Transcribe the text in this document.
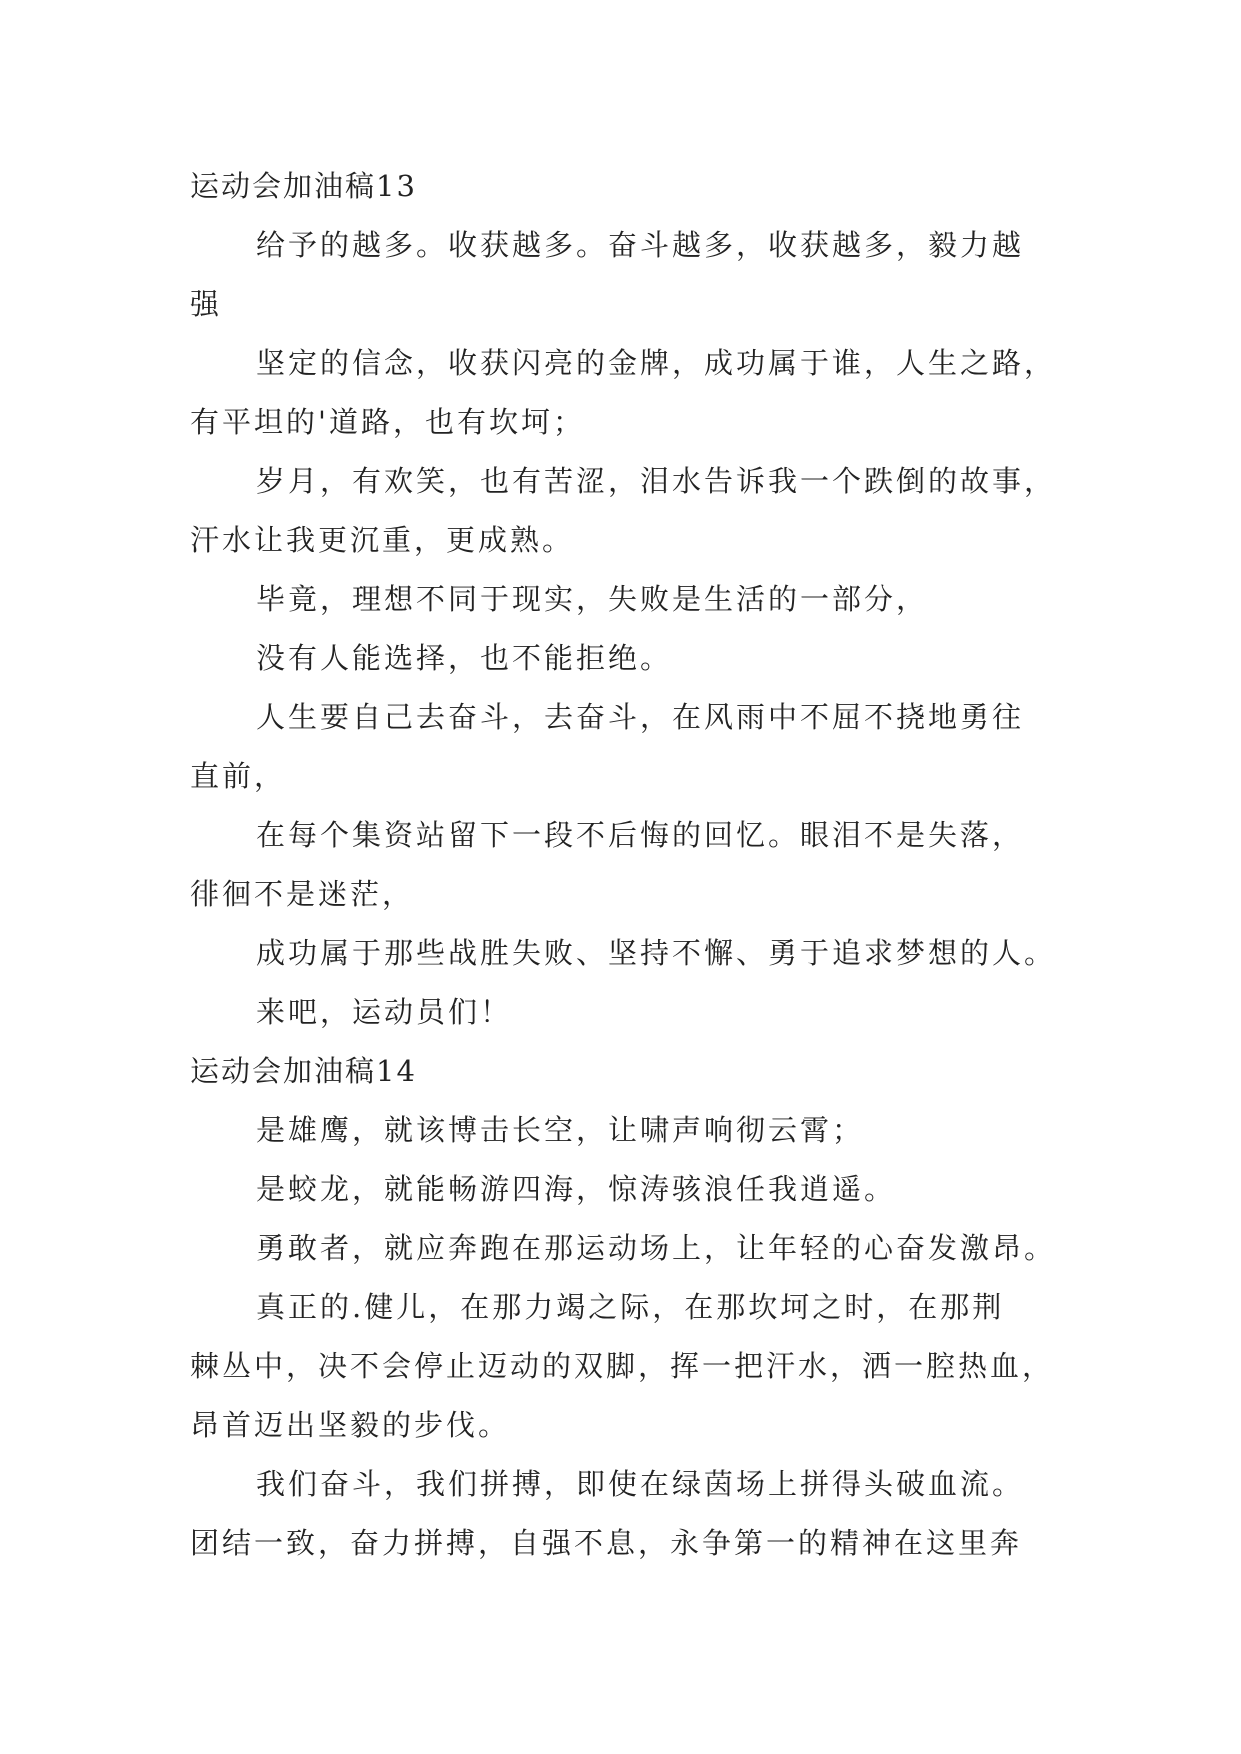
运动会加油稿13
给予的越多。收获越多。奋斗越多，收获越多，毅力越
强
坚定的信念，收获闪亮的金牌，成功属于谁，人生之路，
有平坦的'道路，也有坎坷；
岁月，有欢笑，也有苦涩，泪水告诉我一个跌倒的故事，
汗水让我更沉重，更成熟。
毕竟，理想不同于现实，失败是生活的一部分，
没有人能选择，也不能拒绝。
人生要自己去奋斗，去奋斗，在风雨中不屈不挠地勇往
直前，
在每个集资站留下一段不后悔的回忆。眼泪不是失落，
徘徊不是迷茫，
成功属于那些战胜失败、坚持不懈、勇于追求梦想的人。
来吧，运动员们！
运动会加油稿14
是雄鹰，就该博击长空，让啸声响彻云霄；
是蛟龙，就能畅游四海，惊涛骇浪任我逍遥。
勇敢者，就应奔跑在那运动场上，让年轻的心奋发激昂。
真正的.健儿，在那力竭之际，在那坎坷之时，在那荆
棘丛中，决不会停止迈动的双脚，挥一把汗水，洒一腔热血，
昂首迈出坚毅的步伐。
我们奋斗，我们拼搏，即使在绿茵场上拼得头破血流。
团结一致，奋力拼搏，自强不息，永争第一的精神在这里奔
